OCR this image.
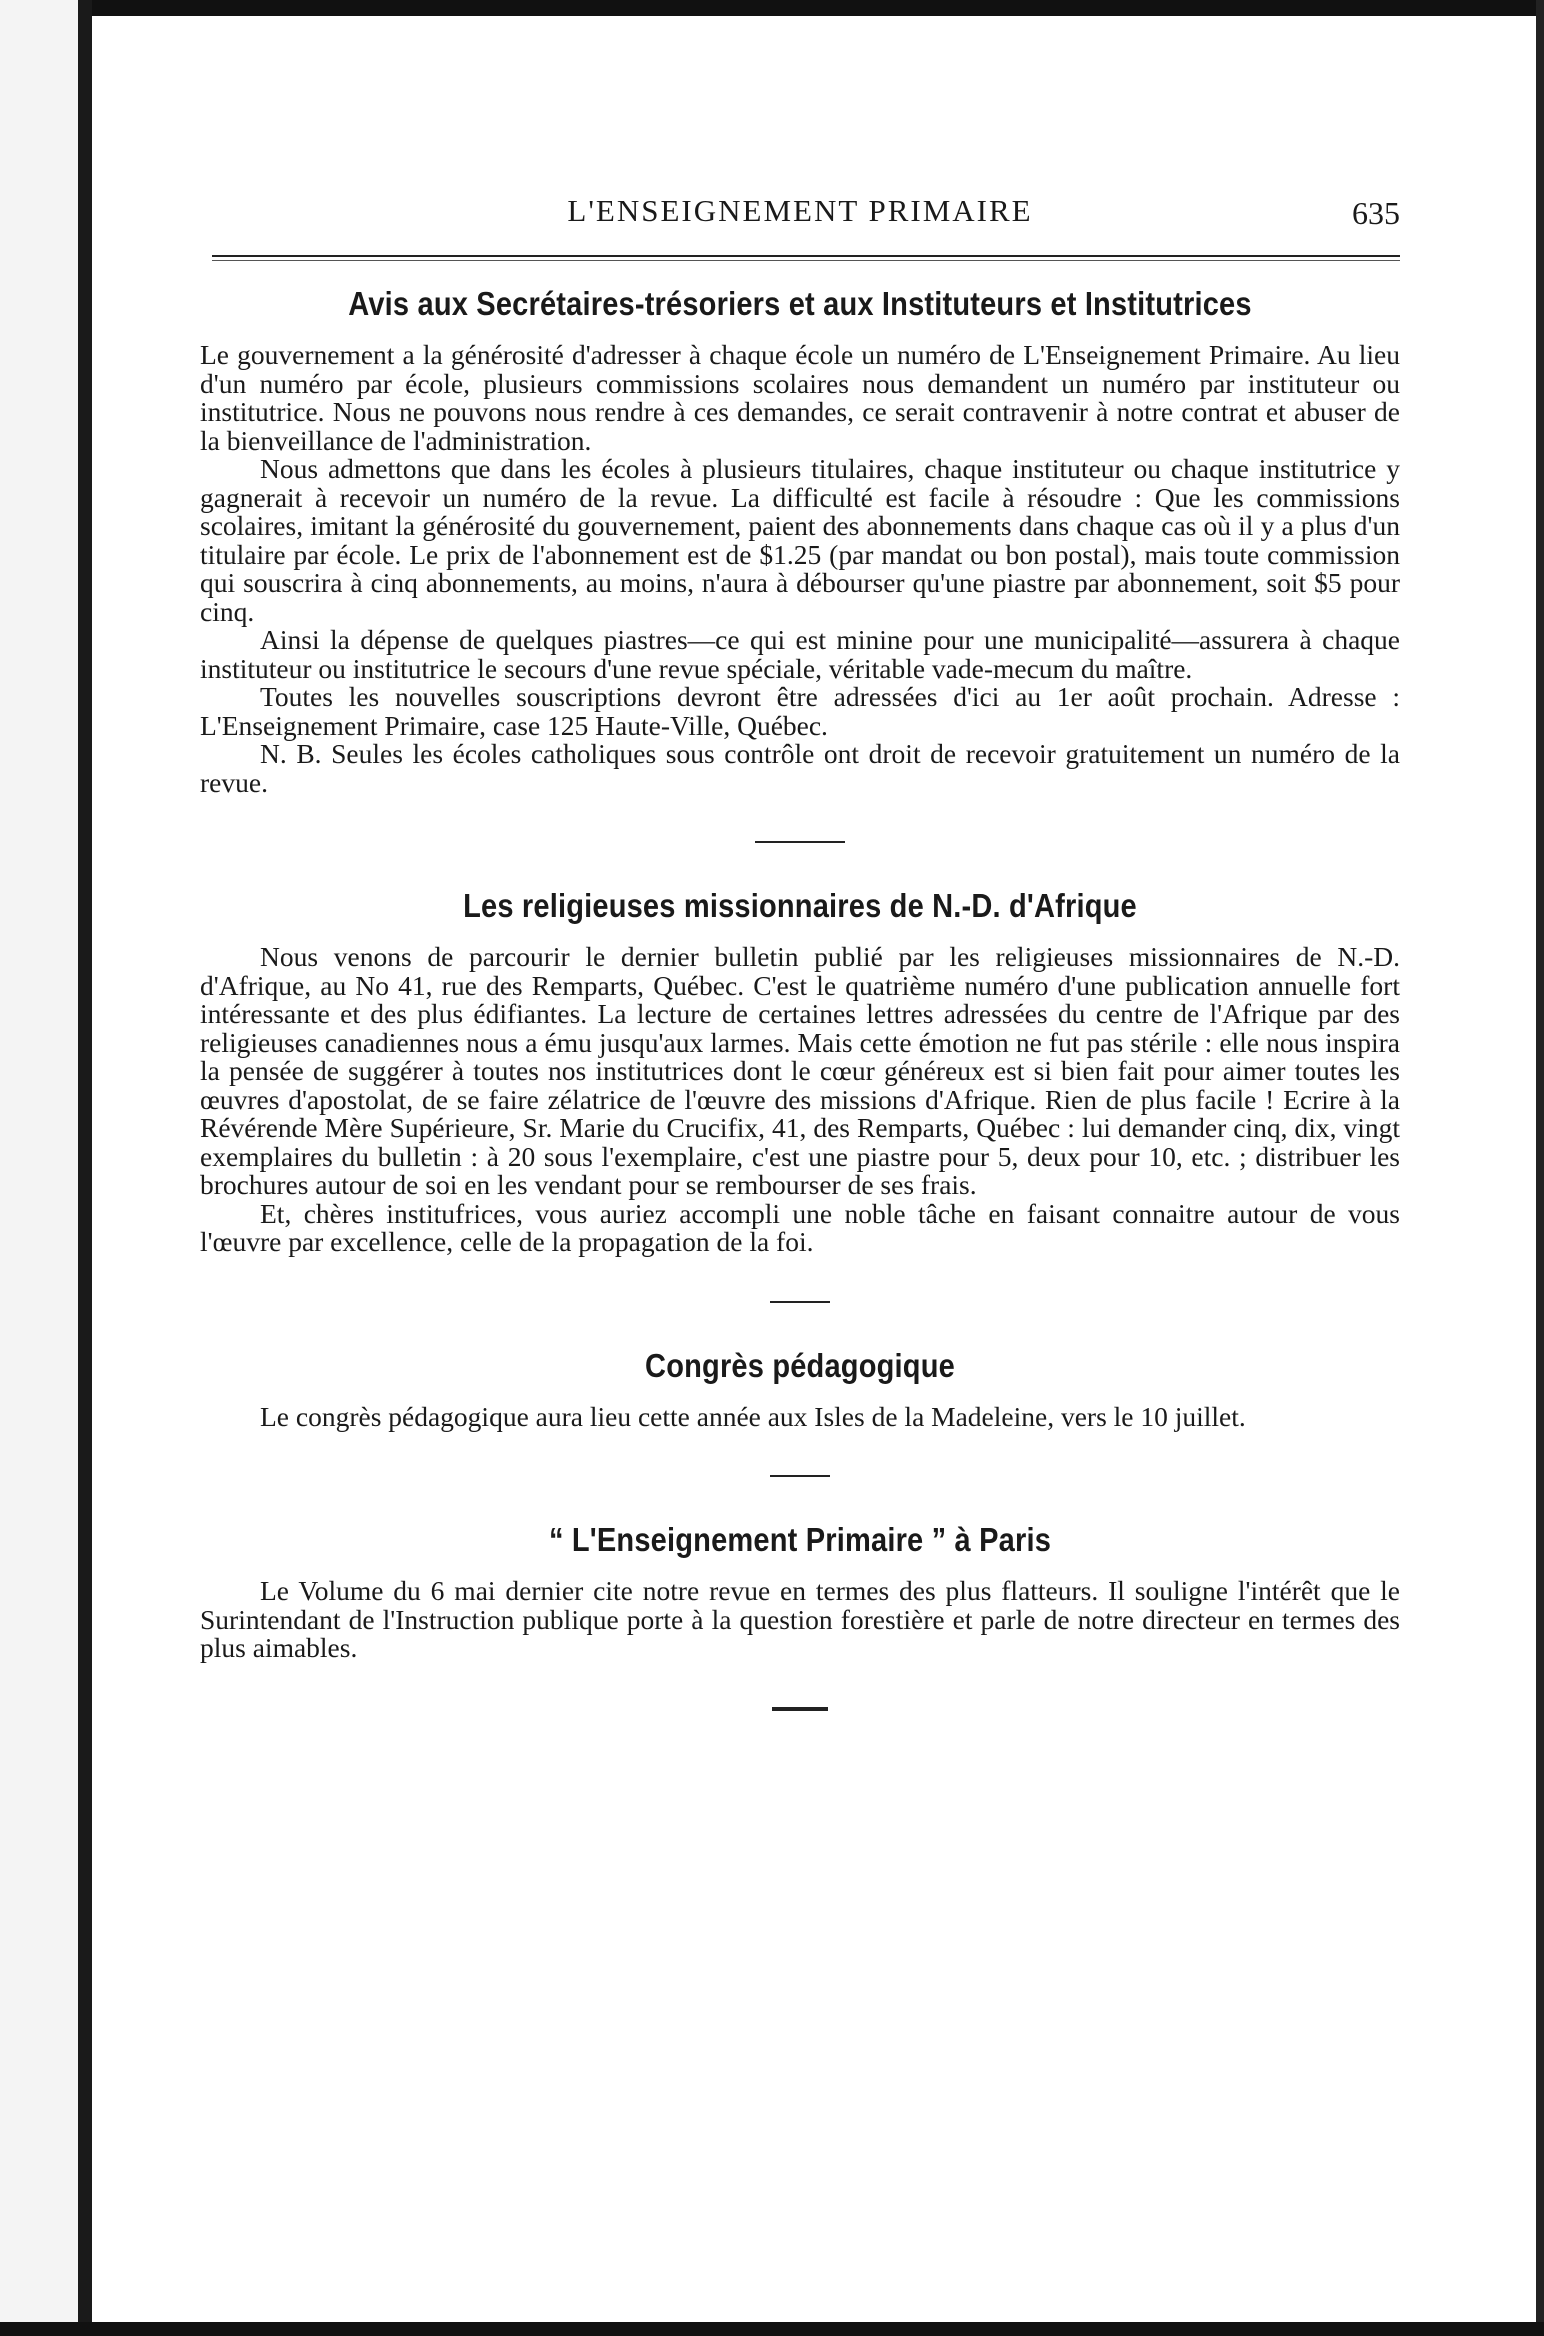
L'ENSEIGNEMENT PRIMAIRE	635
Avis aux Secrétaires-trésoriers et aux Instituteurs et Institutrices

Le gouvernement a la générosité d'adresser à chaque école un numéro de L'Enseignement Primaire. Au lieu d'un numéro par école, plusieurs commissions scolaires nous demandent un numéro par instituteur ou institutrice. Nous ne pouvons nous rendre à ces demandes, ce serait contravenir à notre contrat et abuser de la bienveillance de l'administration.

Nous admettons que dans les écoles à plusieurs titulaires, chaque instituteur ou chaque institutrice y gagnerait à recevoir un numéro de la revue. La difficulté est facile à résoudre : Que les commissions scolaires, imitant la générosité du gouvernement, paient des abonnements dans chaque cas où il y a plus d'un titulaire par école. Le prix de l'abonnement est de $1.25 (par mandat ou bon postal), mais toute commission qui souscrira à cinq abonnements, au moins, n'aura à débourser qu'une piastre par abonnement, soit $5 pour cinq.

Ainsi la dépense de quelques piastres—ce qui est minine pour une municipalité—assurera à chaque instituteur ou institutrice le secours d'une revue spéciale, véritable vade-mecum du maître.

Toutes les nouvelles souscriptions devront être adressées d'ici au 1er août prochain. Adresse : L'Enseignement Primaire, case 125 Haute-Ville, Québec.

N. B. Seules les écoles catholiques sous contrôle ont droit de recevoir gratuitement un numéro de la revue.

Les religieuses missionnaires de N.-D. d'Afrique

Nous venons de parcourir le dernier bulletin publié par les religieuses missionnaires de N.-D. d'Afrique, au No 41, rue des Remparts, Québec. C'est le quatrième numéro d'une publication annuelle fort intéressante et des plus édifiantes. La lecture de certaines lettres adressées du centre de l'Afrique par des religieuses canadiennes nous a ému jusqu'aux larmes. Mais cette émotion ne fut pas stérile : elle nous inspira la pensée de suggérer à toutes nos institutrices dont le cœur généreux est si bien fait pour aimer toutes les œuvres d'apostolat, de se faire zélatrice de l'œuvre des missions d'Afrique. Rien de plus facile ! Ecrire à la Révérende Mère Supérieure, Sr. Marie du Crucifix, 41, des Remparts, Québec : lui demander cinq, dix, vingt exemplaires du bulletin : à 20 sous l'exemplaire, c'est une piastre pour 5, deux pour 10, etc. ; distribuer les brochures autour de soi en les vendant pour se rembourser de ses frais.

Et, chères institufrices, vous auriez accompli une noble tâche en faisant connaitre autour de vous l'œuvre par excellence, celle de la propagation de la foi.

Congrès pédagogique

Le congrès pédagogique aura lieu cette année aux Isles de la Madeleine, vers le 10 juillet.

“ L'Enseignement Primaire ” à Paris

Le Volume du 6 mai dernier cite notre revue en termes des plus flatteurs. Il souligne l'intérêt que le Surintendant de l'Instruction publique porte à la question forestière et parle de notre directeur en termes des plus aimables.
